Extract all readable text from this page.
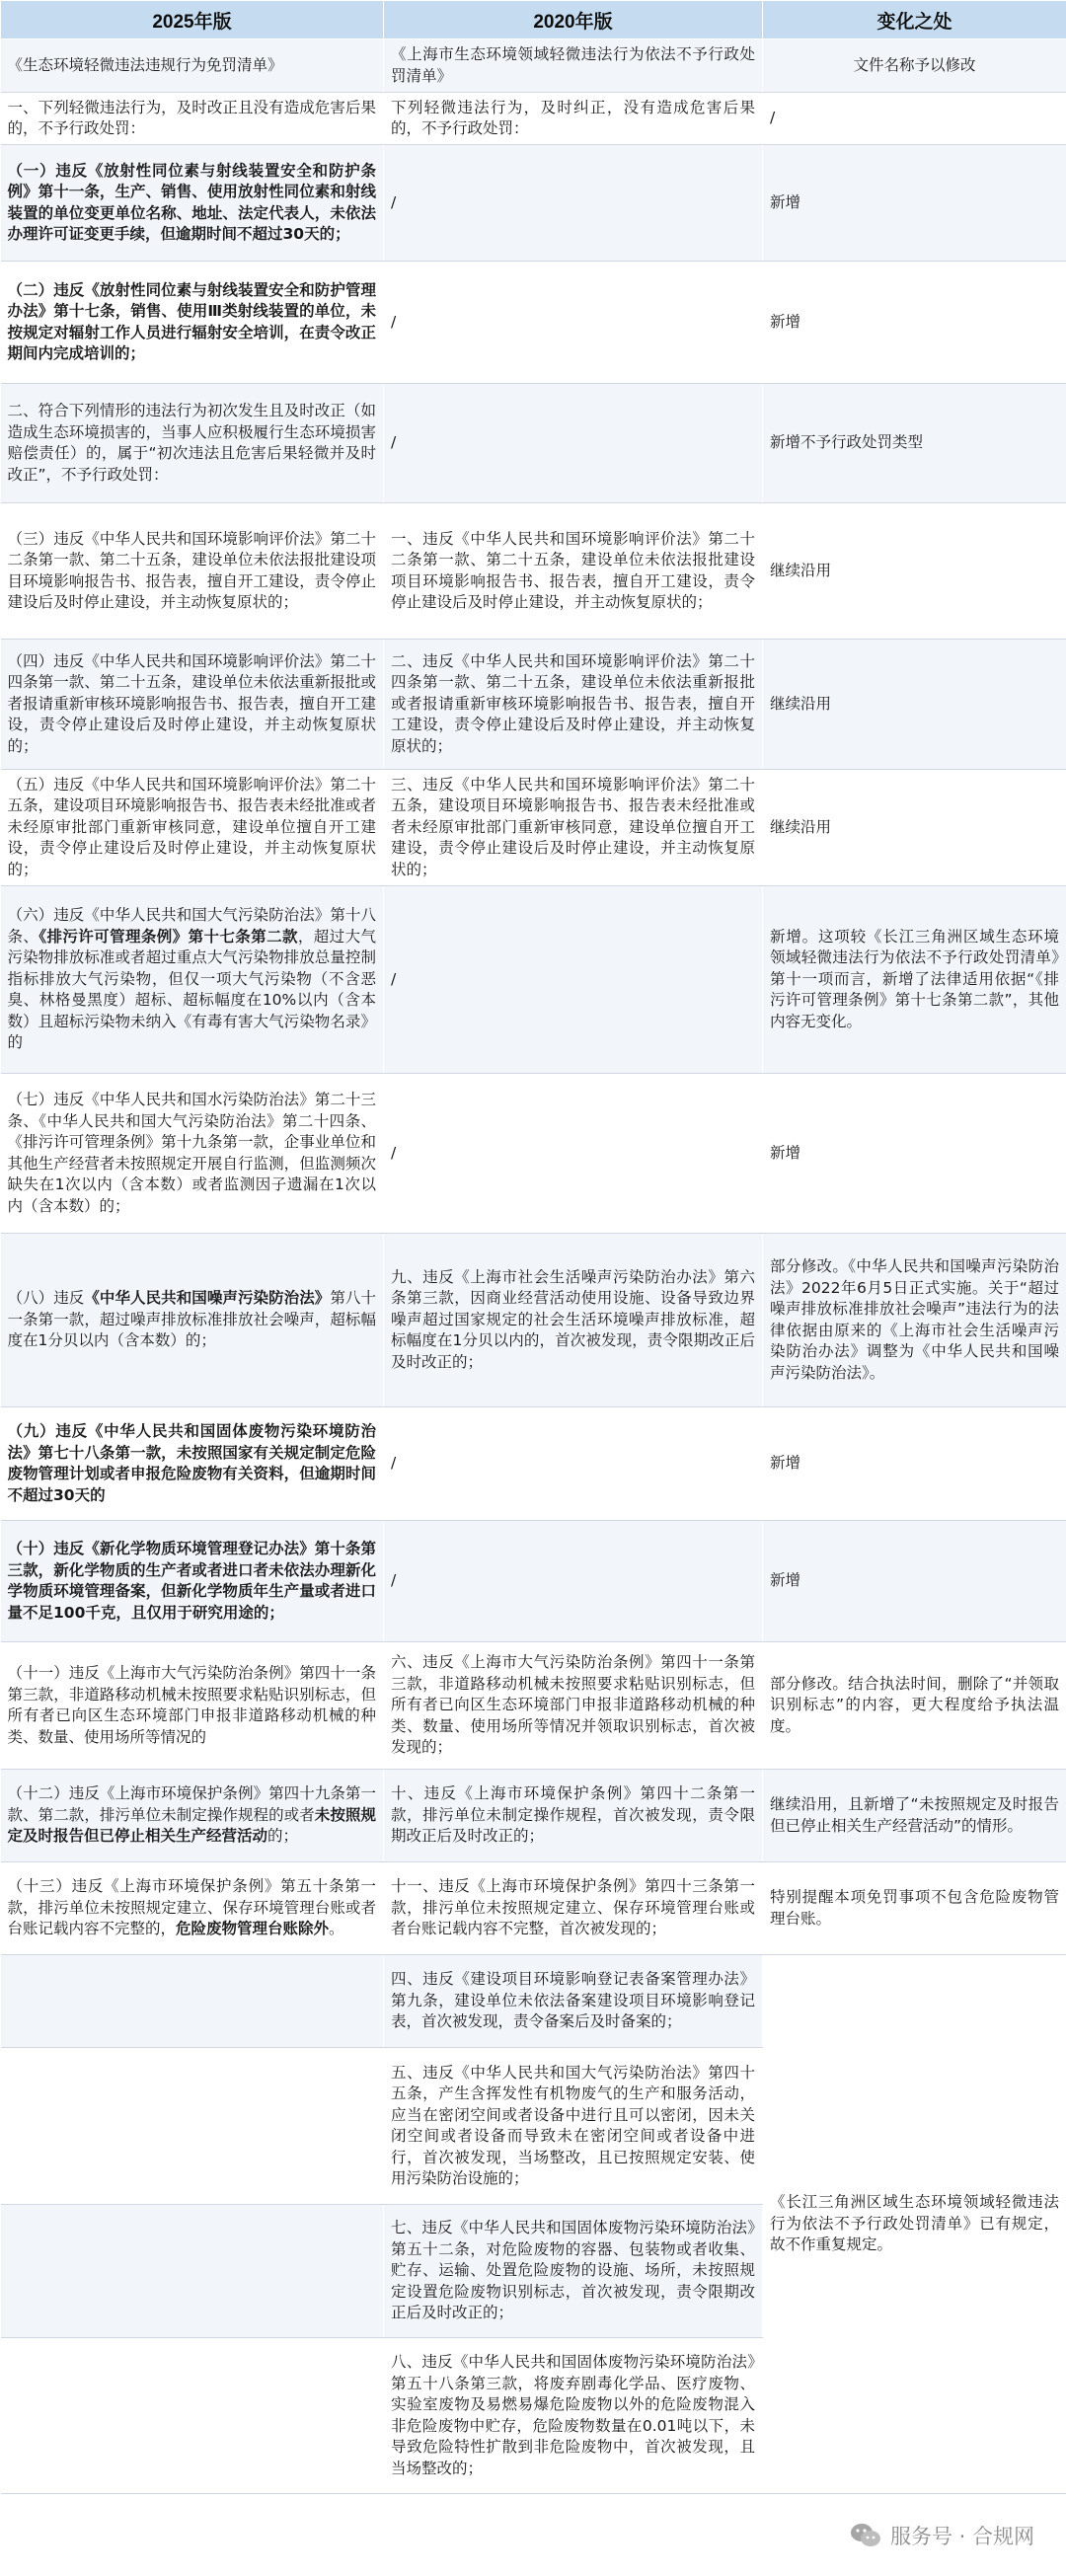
2025年版	2020年版	变化之处
《生态环境轻微违法违规行为免罚清单》	《上海市生态环境领域轻微违法行为依法不予行政处罚清单》	文件名称予以修改
一、下列轻微违法行为，及时改正且没有造成危害后果的，不予行政处罚：	下列轻微违法行为，及时纠正，没有造成危害后果的，不予行政处罚：	/
（一）违反《放射性同位素与射线装置安全和防护条例》第十一条，生产、销售、使用放射性同位素和射线装置的单位变更单位名称、地址、法定代表人，未依法办理许可证变更手续，但逾期时间不超过30天的；	/	新增
（二）违反《放射性同位素与射线装置安全和防护管理办法》第十七条，销售、使用Ⅲ类射线装置的单位，未按规定对辐射工作人员进行辐射安全培训，在责令改正期间内完成培训的；	/	新增
二、符合下列情形的违法行为初次发生且及时改正（如造成生态环境损害的，当事人应积极履行生态环境损害赔偿责任）的，属于“初次违法且危害后果轻微并及时改正”，不予行政处罚：	/	新增不予行政处罚类型
（三）违反《中华人民共和国环境影响评价法》第二十二条第一款、第二十五条，建设单位未依法报批建设项目环境影响报告书、报告表，擅自开工建设，责令停止建设后及时停止建设，并主动恢复原状的；	一、违反《中华人民共和国环境影响评价法》第二十二条第一款、第二十五条，建设单位未依法报批建设项目环境影响报告书、报告表，擅自开工建设，责令停止建设后及时停止建设，并主动恢复原状的；	继续沿用
（四）违反《中华人民共和国环境影响评价法》第二十四条第一款、第二十五条，建设单位未依法重新报批或者报请重新审核环境影响报告书、报告表，擅自开工建设，责令停止建设后及时停止建设，并主动恢复原状的；	二、违反《中华人民共和国环境影响评价法》第二十四条第一款、第二十五条，建设单位未依法重新报批或者报请重新审核环境影响报告书、报告表，擅自开工建设，责令停止建设后及时停止建设，并主动恢复原状的；	继续沿用
（五）违反《中华人民共和国环境影响评价法》第二十五条，建设项目环境影响报告书、报告表未经批准或者未经原审批部门重新审核同意，建设单位擅自开工建设，责令停止建设后及时停止建设，并主动恢复原状的；	三、违反《中华人民共和国环境影响评价法》第二十五条，建设项目环境影响报告书、报告表未经批准或者未经原审批部门重新审核同意，建设单位擅自开工建设，责令停止建设后及时停止建设，并主动恢复原状的；	继续沿用
（六）违反《中华人民共和国大气污染防治法》第十八条、《排污许可管理条例》第十七条第二款，超过大气污染物排放标准或者超过重点大气污染物排放总量控制指标排放大气污染物，但仅一项大气污染物（不含恶臭、林格曼黑度）超标、超标幅度在10%以内（含本数）且超标污染物未纳入《有毒有害大气污染物名录》的	/	新增。这项较《长江三角洲区域生态环境领域轻微违法行为依法不予行政处罚清单》第十一项而言，新增了法律适用依据“《排污许可管理条例》第十七条第二款”，其他内容无变化。
（七）违反《中华人民共和国水污染防治法》第二十三条、《中华人民共和国大气污染防治法》第二十四条、《排污许可管理条例》第十九条第一款，企事业单位和其他生产经营者未按照规定开展自行监测，但监测频次缺失在1次以内（含本数）或者监测因子遗漏在1次以内（含本数）的；	/	新增
（八）违反《中华人民共和国噪声污染防治法》第八十一条第一款，超过噪声排放标准排放社会噪声，超标幅度在1分贝以内（含本数）的；	九、违反《上海市社会生活噪声污染防治办法》第六条第三款，因商业经营活动使用设施、设备导致边界噪声超过国家规定的社会生活环境噪声排放标准，超标幅度在1分贝以内的，首次被发现，责令限期改正后及时改正的；	部分修改。《中华人民共和国噪声污染防治法》2022年6月5日正式实施。关于“超过噪声排放标准排放社会噪声”违法行为的法律依据由原来的《上海市社会生活噪声污染防治办法》调整为《中华人民共和国噪声污染防治法》。
（九）违反《中华人民共和国固体废物污染环境防治法》第七十八条第一款，未按照国家有关规定制定危险废物管理计划或者申报危险废物有关资料，但逾期时间不超过30天的	/	新增
（十）违反《新化学物质环境管理登记办法》第十条第三款，新化学物质的生产者或者进口者未依法办理新化学物质环境管理备案，但新化学物质年生产量或者进口量不足100千克，且仅用于研究用途的；	/	新增
（十一）违反《上海市大气污染防治条例》第四十一条第三款，非道路移动机械未按照要求粘贴识别标志，但所有者已向区生态环境部门申报非道路移动机械的种类、数量、使用场所等情况的	六、违反《上海市大气污染防治条例》第四十一条第三款，非道路移动机械未按照要求粘贴识别标志，但所有者已向区生态环境部门申报非道路移动机械的种类、数量、使用场所等情况并领取识别标志，首次被发现的；	部分修改。结合执法时间，删除了“并领取识别标志”的内容，更大程度给予执法温度。
（十二）违反《上海市环境保护条例》第四十九条第一款、第二款，排污单位未制定操作规程的或者未按照规定及时报告但已停止相关生产经营活动的；	十、违反《上海市环境保护条例》第四十二条第一款，排污单位未制定操作规程，首次被发现，责令限期改正后及时改正的；	继续沿用，且新增了“未按照规定及时报告但已停止相关生产经营活动”的情形。
（十三）违反《上海市环境保护条例》第五十条第一款，排污单位未按照规定建立、保存环境管理台账或者台账记载内容不完整的，危险废物管理台账除外。	十一、违反《上海市环境保护条例》第四十三条第一款，排污单位未按照规定建立、保存环境管理台账或者台账记载内容不完整，首次被发现的；	特别提醒本项免罚事项不包含危险废物管理台账。
	四、违反《建设项目环境影响登记表备案管理办法》第九条，建设单位未依法备案建设项目环境影响登记表，首次被发现，责令备案后及时备案的；	《长江三角洲区域生态环境领域轻微违法行为依法不予行政处罚清单》已有规定，故不作重复规定。
	五、违反《中华人民共和国大气污染防治法》第四十五条，产生含挥发性有机物废气的生产和服务活动，应当在密闭空间或者设备中进行且可以密闭，因未关闭空间或者设备而导致未在密闭空间或者设备中进行，首次被发现，当场整改，且已按照规定安装、使用污染防治设施的；	
	七、违反《中华人民共和国固体废物污染环境防治法》第五十二条，对危险废物的容器、包装物或者收集、贮存、运输、处置危险废物的设施、场所，未按照规定设置危险废物识别标志，首次被发现，责令限期改正后及时改正的；	
	八、违反《中华人民共和国固体废物污染环境防治法》第五十八条第三款，将废弃剧毒化学品、医疗废物、实验室废物及易燃易爆危险废物以外的危险废物混入非危险废物中贮存，危险废物数量在0.01吨以下，未导致危险特性扩散到非危险废物中，首次被发现，且当场整改的；	
服务号 · 合规网
